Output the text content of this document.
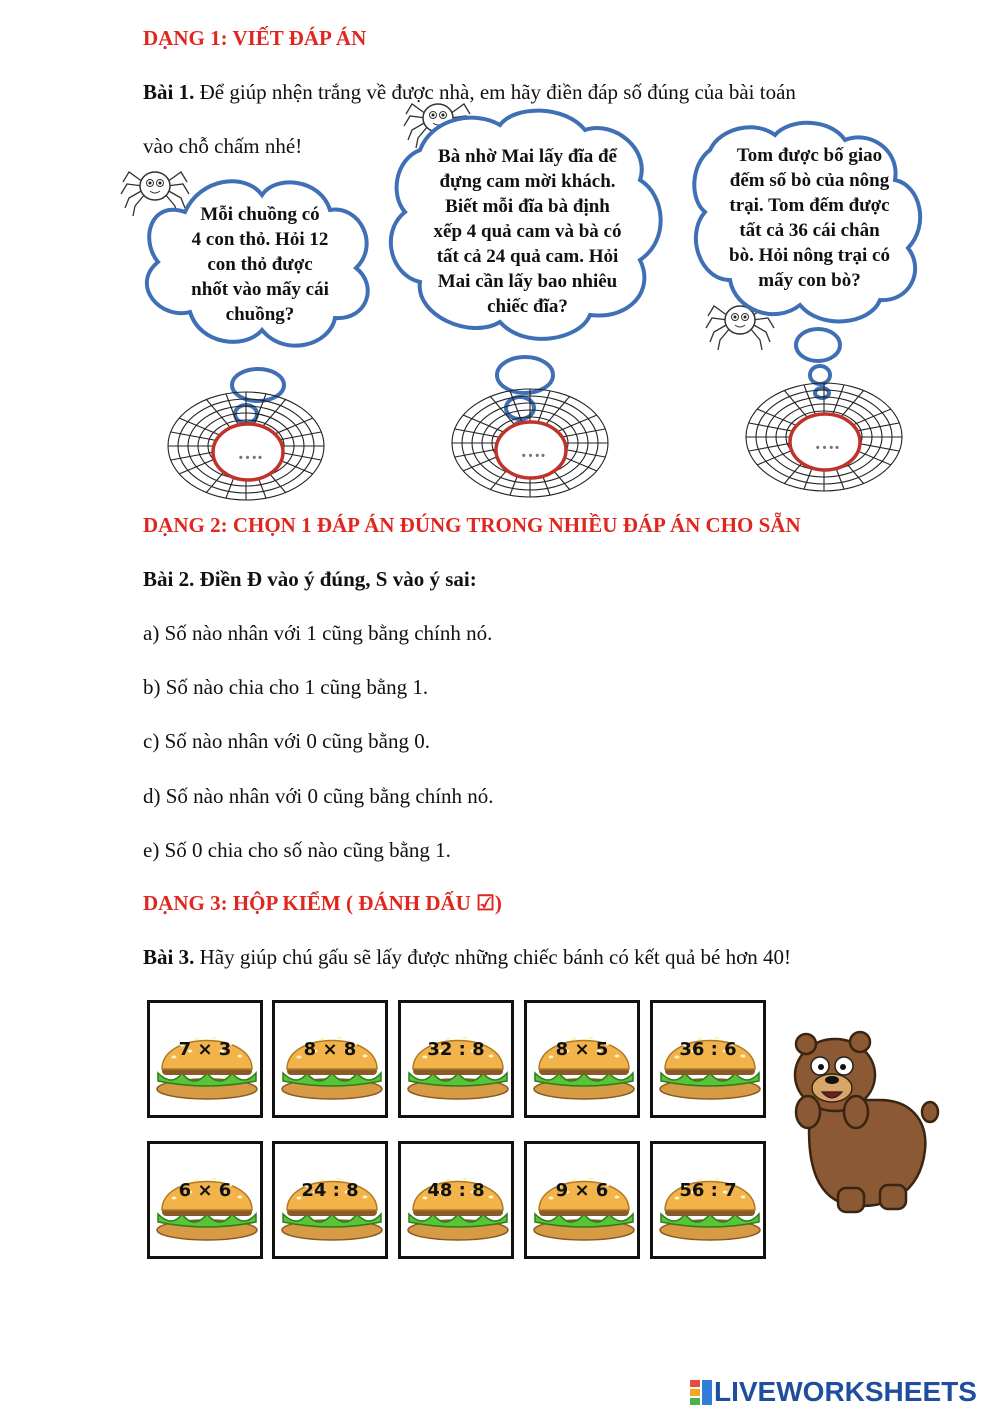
DẠNG 1: VIẾT ĐÁP ÁN
Bài 1. Để giúp nhện trắng về được nhà, em hãy điền đáp số đúng của bài toán
vào chỗ chấm nhé!
Mỗi chuồng có
4 con thỏ. Hỏi 12
con thỏ được
nhốt vào mấy cái
chuồng?
Bà nhờ Mai lấy đĩa để
đựng cam mời khách.
Biết mỗi đĩa bà định
xếp 4 quả cam và bà có
tất cả 24 quả cam. Hỏi
Mai cần lấy bao nhiêu
chiếc đĩa?
Tom được bố giao
đếm số bò của nông
trại. Tom đếm được
tất cả 36 cái chân
bò. Hỏi nông trại có
mấy con bò?
….
….
….
DẠNG 2: CHỌN 1 ĐÁP ÁN ĐÚNG TRONG NHIỀU ĐÁP ÁN CHO SẴN
Bài 2. Điền Đ vào ý đúng, S vào ý sai:
a) Số nào nhân với 1 cũng bằng chính nó.
b) Số nào chia cho 1 cũng bằng 1.
c) Số nào nhân với 0 cũng bằng 0.
d) Số nào nhân với 0 cũng bằng chính nó.
e) Số 0 chia cho số nào cũng bằng 1.
DẠNG 3: HỘP KIỂM ( ĐÁNH DẤU ☑)
Bài 3. Hãy giúp chú gấu sẽ lấy được những chiếc bánh có kết quả bé hơn 40!
7 × 3	8 × 8	32 : 8	8 × 5	36 : 6
6 × 6	24 : 8	48 : 8	9 × 6	56 : 7
LIVEWORKSHEETS
